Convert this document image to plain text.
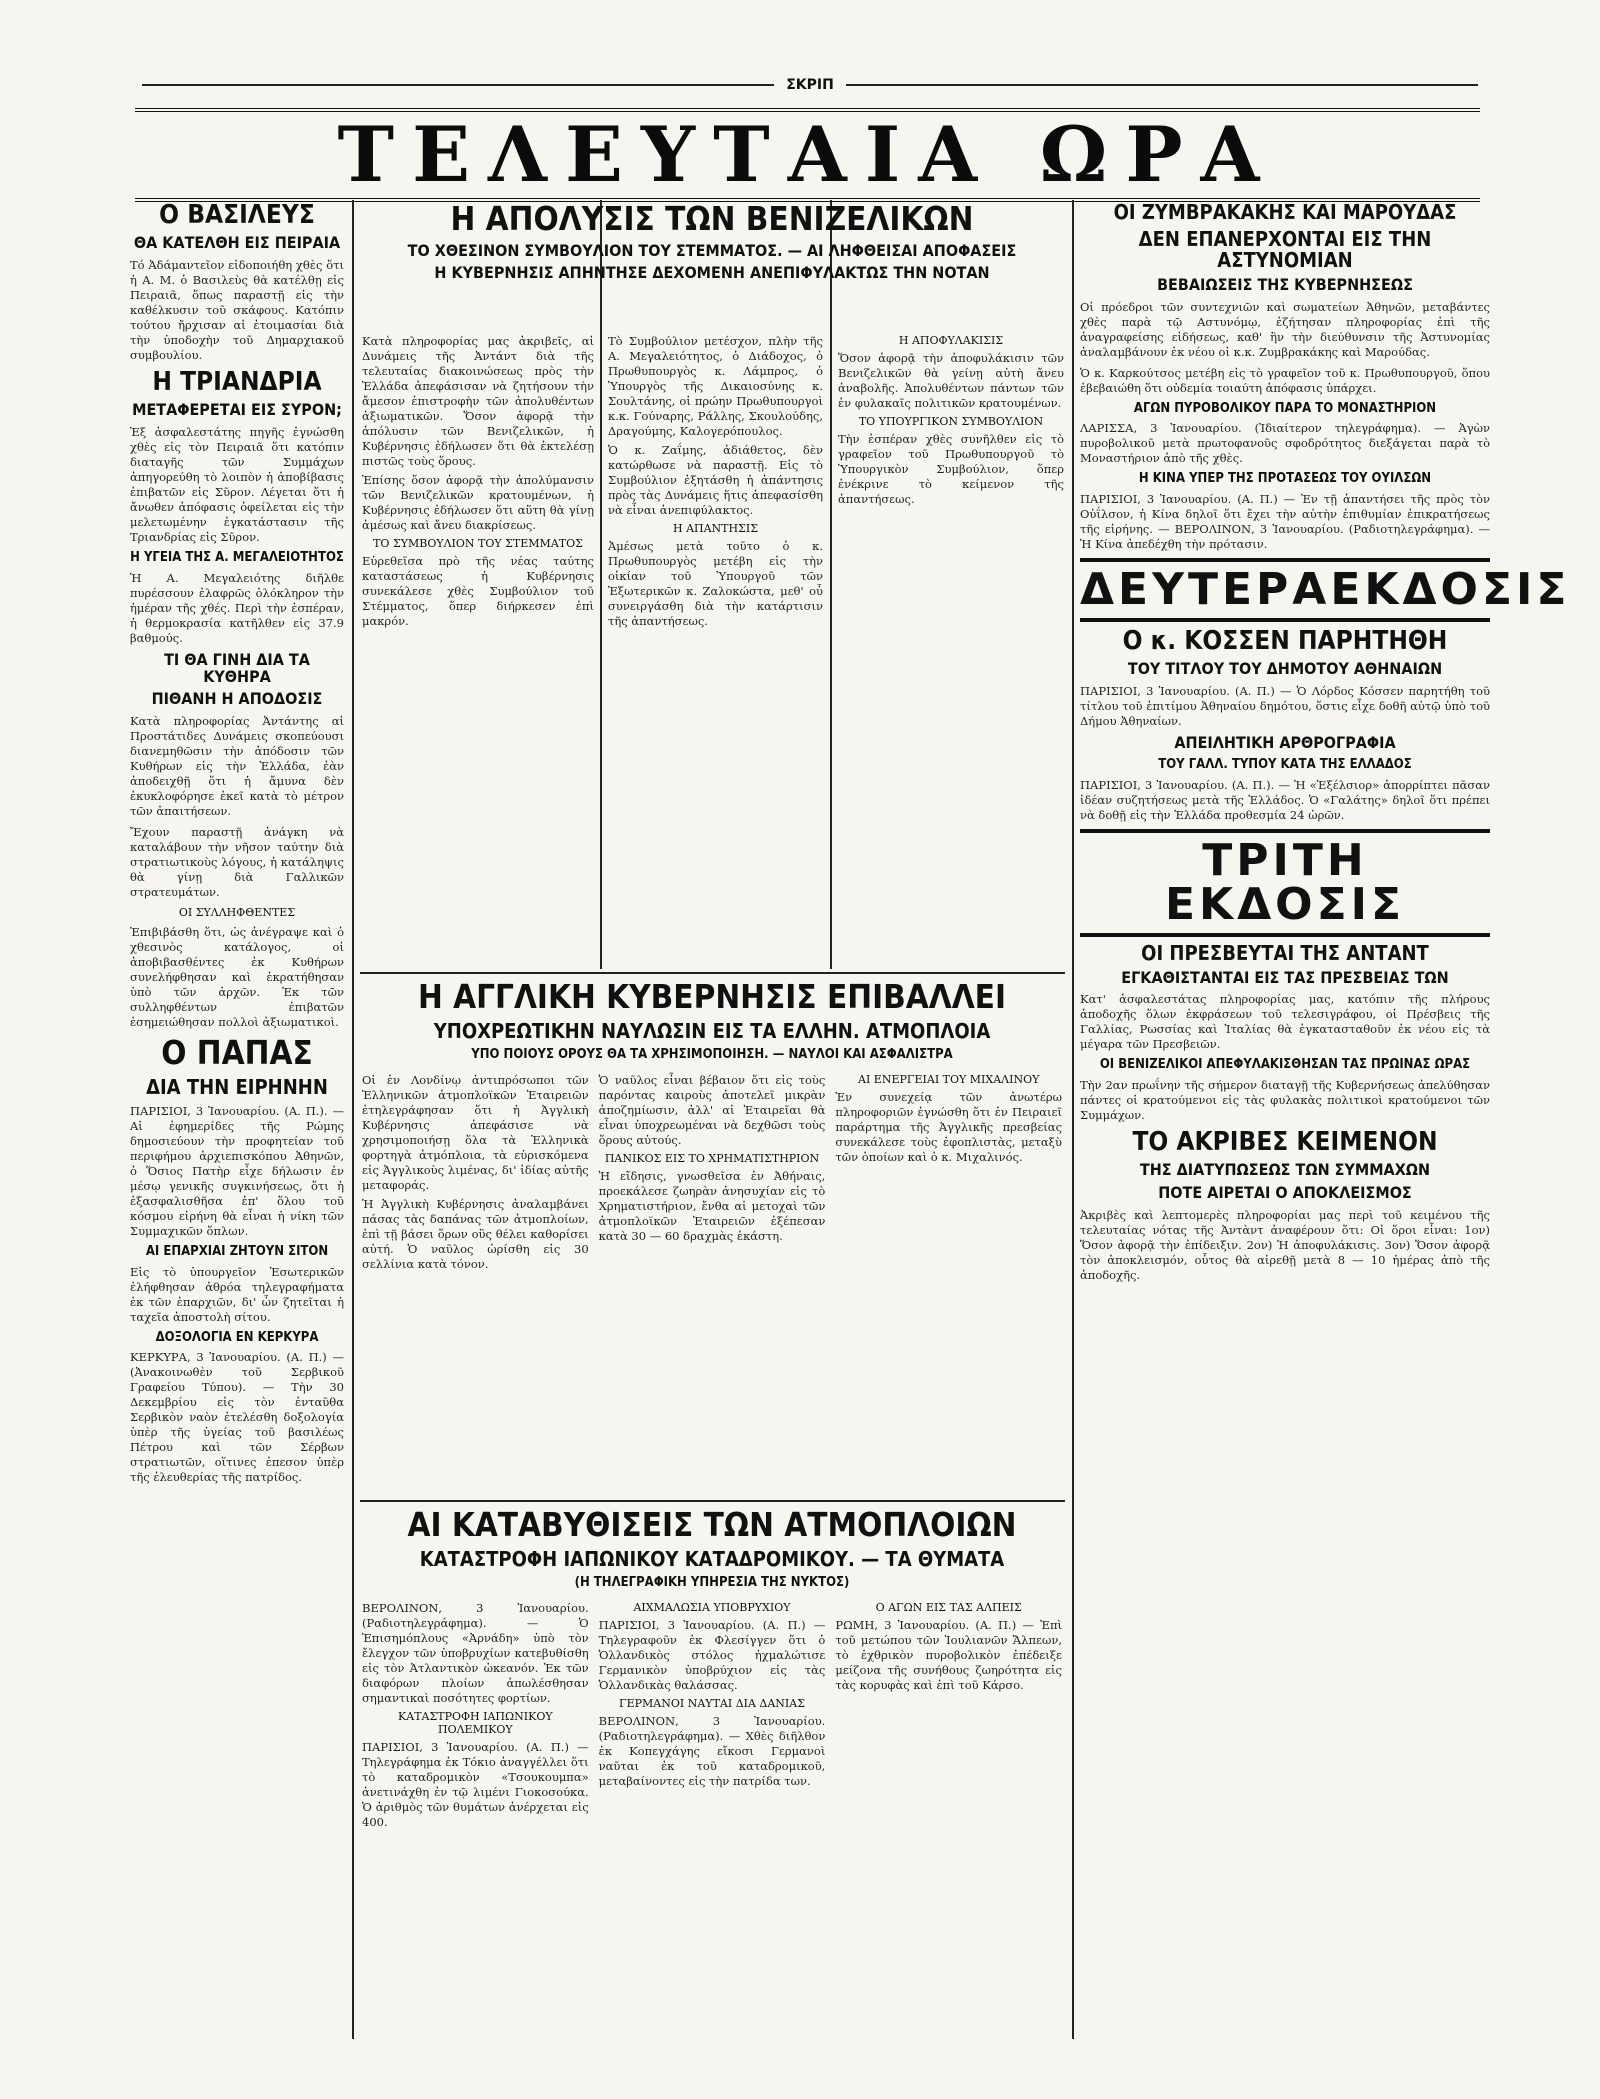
ΣΚΡΙΠ
ΤΕΛΕΥΤΑΙΑ ΩΡΑ

Ο ΒΑΣΙΛΕΥΣ

ΘΑ ΚΑΤΕΛΘΗ ΕΙΣ ΠΕΙΡΑΙΑ

Τό Ἀδάμαντεῖον εἰδοποιήθη χθὲς ὅτι ἡ Α. Μ. ὁ Βασιλεὺς θὰ κατέλθῃ εἰς Πειραιᾶ, ὅπως παραστῇ εἰς τὴν καθέλκυσιν τοῦ σκάφους. Κατόπιν τούτου ἤρχισαν αἱ ἑτοιμασίαι διὰ τὴν ὑποδοχὴν τοῦ Δημαρχιακοῦ συμβουλίου.

Η ΤΡΙΑΝΔΡΙΑ

ΜΕΤΑΦΕΡΕΤΑΙ ΕΙΣ ΣΥΡΟΝ;

Ἐξ ἀσφαλεστάτης πηγῆς ἐγνώσθη χθὲς εἰς τὸν Πειραιᾶ ὅτι κατόπιν διαταγῆς τῶν Συμμάχων ἀπηγορεύθη τὸ λοιπὸν ἡ ἀποβίβασις ἐπιβατῶν εἰς Σῦρον. Λέγεται ὅτι ἡ ἄνωθεν ἀπόφασις ὀφείλεται εἰς τὴν μελετωμένην ἐγκατάστασιν τῆς Τριανδρίας εἰς Σῦρον.

Η ΥΓΕΙΑ ΤΗΣ Α. ΜΕΓΑΛΕΙΟΤΗΤΟΣ

Ἡ Α. Μεγαλειότης διῆλθε πυρέσσουν ἐλαφρῶς ὁλόκληρον τὴν ἡμέραν τῆς χθές. Περὶ τὴν ἑσπέραν, ἡ θερμοκρασία κατῆλθεν εἰς 37.9 βαθμούς.

ΤΙ ΘΑ ΓΙΝΗ ΔΙΑ ΤΑ ΚΥΘΗΡΑ

ΠΙΘΑΝΗ Η ΑΠΟΔΟΣΙΣ

Κατὰ πληροφορίας Ἀντάντης αἱ Προστάτιδες Δυνάμεις σκοπεύουσι διανεμηθῶσιν τὴν ἀπόδοσιν τῶν Κυθήρων εἰς τὴν Ἑλλάδα, ἐὰν ἀποδειχθῇ ὅτι ἡ ἄμυνα δὲν ἐκυκλοφόρησε ἐκεῖ κατὰ τὸ μέτρον τῶν ἀπαιτήσεων.

Ἔχουν παραστῇ ἀνάγκη νὰ καταλάβουν τὴν νῆσον ταύτην διὰ στρατιωτικοὺς λόγους, ἡ κατάληψις θὰ γίνῃ διὰ Γαλλικῶν στρατευμάτων.

ΟΙ ΣΥΛΛΗΦΘΕΝΤΕΣ

Ἐπιβιβάσθη ὅτι, ὡς ἀνέγραψε καὶ ὁ χθεσινὸς κατάλογος, οἱ ἀποβιβασθέντες ἐκ Κυθήρων συνελήφθησαν καὶ ἐκρατήθησαν ὑπὸ τῶν ἀρχῶν. Ἐκ τῶν συλληφθέντων ἐπιβατῶν ἐσημειώθησαν πολλοὶ ἀξιωματικοὶ.

Ο ΠΑΠΑΣ

ΔΙΑ ΤΗΝ ΕΙΡΗΝΗΝ

ΠΑΡΙΣΙΟΙ, 3 Ἰανουαρίου. (Α. Π.). — Αἱ ἐφημερίδες τῆς Ρώμης δημοσιεύουν τὴν προφητείαν τοῦ περιφήμου ἀρχιεπισκόπου Ἀθηνῶν, ὁ Ὅσιος Πατὴρ εἶχε δήλωσιν ἐν μέσῳ γενικῆς συγκινήσεως, ὅτι ἡ ἐξασφαλισθῆσα ἐπ' ὅλου τοῦ κόσμου εἰρήνη θὰ εἶναι ἡ νίκη τῶν Συμμαχικῶν ὅπλων.

ΑΙ ΕΠΑΡΧΙΑΙ ΖΗΤΟΥΝ ΣΙΤΟΝ

Εἰς τὸ ὑπουργεῖον Ἐσωτερικῶν ἐλήφθησαν ἀθρόα τηλεγραφήματα ἐκ τῶν ἐπαρχιῶν, δι' ὧν ζητεῖται ἡ ταχεῖα ἀποστολὴ σίτου.

ΔΟΞΟΛΟΓΙΑ ΕΝ ΚΕΡΚΥΡΑ

ΚΕΡΚΥΡΑ, 3 Ἰανουαρίου. (Α. Π.) — (Ἀνακοινωθὲν τοῦ Σερβικοῦ Γραφείου Τύπου). — Τὴν 30 Δεκεμβρίου εἰς τὸν ἐνταῦθα Σερβικὸν ναὸν ἐτελέσθη δοξολογία ὑπὲρ τῆς ὑγείας τοῦ βασιλέως Πέτρου καὶ τῶν Σέρβων στρατιωτῶν, οἵτινες ἐπεσον ὑπὲρ τῆς ἐλευθερίας τῆς πατρίδος.

Η ΑΠΟΛΥΣΙΣ ΤΩΝ ΒΕΝΙΖΕΛΙΚΩΝ

ΤΟ ΧΘΕΣΙΝΟΝ ΣΥΜΒΟΥΛΙΟΝ ΤΟΥ ΣΤΕΜΜΑΤΟΣ. — ΑΙ ΛΗΦΘΕΙΣΑΙ ΑΠΟΦΑΣΕΙΣ

Η ΚΥΒΕΡΝΗΣΙΣ ΑΠΗΝΤΗΣΕ ΔΕΧΟΜΕΝΗ ΑΝΕΠΙΦΥΛΑΚΤΩΣ ΤΗΝ ΝΟΤΑΝ

Κατὰ πληροφορίας μας ἀκριβεῖς, αἱ Δυνάμεις τῆς Ἀντάντ διὰ τῆς τελευταίας διακοινώσεως πρὸς τὴν Ἑλλάδα ἀπεφάσισαν νὰ ζητήσουν τὴν ἄμεσον ἐπιστροφὴν τῶν ἀπολυθέντων ἀξιωματικῶν. Ὅσον ἀφορᾷ τὴν ἀπόλυσιν τῶν Βενιζελικῶν, ἡ Κυβέρνησις ἐδήλωσεν ὅτι θὰ ἐκτελέσῃ πιστῶς τοὺς ὅρους.

Ἐπίσης ὅσον ἀφορᾷ τὴν ἀπολύμανσιν τῶν Βενιζελικῶν κρατουμένων, ἡ Κυβέρνησις ἐδήλωσεν ὅτι αὕτη θὰ γίνῃ ἀμέσως καὶ ἄνευ διακρίσεως.

ΤΟ ΣΥΜΒΟΥΛΙΟΝ ΤΟΥ ΣΤΕΜΜΑΤΟΣ

Εὑρεθεῖσα πρὸ τῆς νέας ταύτης καταστάσεως ἡ Κυβέρνησις συνεκάλεσε χθὲς Συμβούλιον τοῦ Στέμματος, ὅπερ διήρκεσεν ἐπὶ μακρόν.

Τὸ Συμβούλιον μετέσχον, πλὴν τῆς Α. Μεγαλειότητος, ὁ Διάδοχος, ὁ Πρωθυπουργὸς κ. Λάμπρος, ὁ Ὑπουργὸς τῆς Δικαιοσύνης κ. Σουλτάνης, οἱ πρώην Πρωθυπουργοὶ κ.κ. Γούναρης, Ράλλης, Σκουλούδης, Δραγούμης, Καλογερόπουλος.

Ὁ κ. Ζαΐμης, ἀδιάθετος, δὲν κατώρθωσε νὰ παραστῇ. Εἰς τὸ Συμβούλιον ἐξητάσθη ἡ ἀπάντησις πρὸς τὰς Δυνάμεις ἥτις ἀπεφασίσθη νὰ εἶναι ἀνεπιφύλακτος.

Η ΑΠΑΝΤΗΣΙΣ

Ἀμέσως μετὰ τοῦτο ὁ κ. Πρωθυπουργὸς μετέβη εἰς τὴν οἰκίαν τοῦ Ὑπουργοῦ τῶν Ἐξωτερικῶν κ. Ζαλοκώστα, μεθ' οὗ συνειργάσθη διὰ τὴν κατάρτισιν τῆς ἀπαντήσεως.

Η ΑΠΟΦΥΛΑΚΙΣΙΣ

Ὅσον ἀφορᾷ τὴν ἀποφυλάκισιν τῶν Βενιζελικῶν θὰ γείνῃ αὐτὴ ἄνευ ἀναβολῆς. Ἀπολυθέντων πάντων τῶν ἐν φυλακαῖς πολιτικῶν κρατουμένων.

ΤΟ ΥΠΟΥΡΓΙΚΟΝ ΣΥΜΒΟΥΛΙΟΝ

Τὴν ἑσπέραν χθὲς συνῆλθεν εἰς τὸ γραφεῖον τοῦ Πρωθυπουργοῦ τὸ Ὑπουργικὸν Συμβούλιον, ὅπερ ἐνέκρινε τὸ κείμενον τῆς ἀπαντήσεως.

Η ΑΓΓΛΙΚΗ ΚΥΒΕΡΝΗΣΙΣ ΕΠΙΒΑΛΛΕΙ

ΥΠΟΧΡΕΩΤΙΚΗΝ ΝΑΥΛΩΣΙΝ ΕΙΣ ΤΑ ΕΛΛΗΝ. ΑΤΜΟΠΛΟΙΑ

ΥΠΟ ΠΟΙΟΥΣ ΟΡΟΥΣ ΘΑ ΤΑ ΧΡΗΣΙΜΟΠΟΙΗΣΗ. — ΝΑΥΛΟΙ ΚΑΙ ΑΣΦΑΛΙΣΤΡΑ

Οἱ ἐν Λονδίνῳ ἀντιπρόσωποι τῶν Ἑλληνικῶν ἀτμοπλοϊκῶν Ἑταιρειῶν ἐτηλεγράφησαν ὅτι ἡ Ἀγγλικὴ Κυβέρνησις ἀπεφάσισε νὰ χρησιμοποιήσῃ ὅλα τὰ Ἑλληνικὰ φορτηγὰ ἀτμόπλοια, τὰ εὑρισκόμενα εἰς Ἀγγλικοὺς λιμένας, δι' ἰδίας αὐτῆς μεταφοράς.

Ἡ Ἀγγλικὴ Κυβέρνησις ἀναλαμβάνει πάσας τὰς δαπάνας τῶν ἀτμοπλοίων, ἐπὶ τῇ βάσει ὅρων οὓς θέλει καθορίσει αὐτή. Ὁ ναῦλος ὡρίσθη εἰς 30 σελλίνια κατὰ τόνον.

Ὁ ναῦλος εἶναι βέβαιον ὅτι εἰς τοὺς παρόντας καιροὺς ἀποτελεῖ μικρὰν ἀποζημίωσιν, ἀλλ' αἱ Ἑταιρεῖαι θὰ εἶναι ὑποχρεωμέναι νὰ δεχθῶσι τοὺς ὅρους αὐτούς.

ΠΑΝΙΚΟΣ ΕΙΣ ΤΟ ΧΡΗΜΑΤΙΣΤΗΡΙΟΝ

Ἡ εἴδησις, γνωσθεῖσα ἐν Ἀθήναις, προεκάλεσε ζωηρὰν ἀνησυχίαν εἰς τὸ Χρηματιστήριον, ἔνθα αἱ μετοχαὶ τῶν ἀτμοπλοϊκῶν Ἑταιρειῶν ἐξέπεσαν κατὰ 30 — 60 δραχμὰς ἑκάστη.

ΑΙ ΕΝΕΡΓΕΙΑΙ ΤΟΥ ΜΙΧΑΛΙΝΟΥ

Ἐν συνεχείᾳ τῶν ἀνωτέρω πληροφοριῶν ἐγνώσθη ὅτι ἐν Πειραιεῖ παράρτημα τῆς Ἀγγλικῆς πρεσβείας συνεκάλεσε τοὺς ἐφοπλιστὰς, μεταξὺ τῶν ὁποίων καὶ ὁ κ. Μιχαλινός.

ΑΙ ΚΑΤΑΒΥΘΙΣΕΙΣ ΤΩΝ ΑΤΜΟΠΛΟΙΩΝ

ΚΑΤΑΣΤΡΟΦΗ ΙΑΠΩΝΙΚΟΥ ΚΑΤΑΔΡΟΜΙΚΟΥ. — ΤΑ ΘΥΜΑΤΑ

(Η ΤΗΛΕΓΡΑΦΙΚΗ ΥΠΗΡΕΣΙΑ ΤΗΣ ΝΥΚΤΟΣ)

ΒΕΡΟΛΙΝΟΝ, 3 Ἰανουαρίου. (Ραδιοτηλεγράφημα). — Ὁ Ἐπισημόπλους «Ἀρνάδη» ὑπὸ τὸν ἔλεγχον τῶν ὑποβρυχίων κατεβυθίσθη εἰς τὸν Ἀτλαντικὸν ὠκεανόν. Ἐκ τῶν διαφόρων πλοίων ἀπωλέσθησαν σημαντικαὶ ποσότητες φορτίων.

ΚΑΤΑΣΤΡΟΦΗ ΙΑΠΩΝΙΚΟΥ ΠΟΛΕΜΙΚΟΥ

ΠΑΡΙΣΙΟΙ, 3 Ἰανουαρίου. (Α. Π.) — Τηλεγράφημα ἐκ Τόκιο ἀναγγέλλει ὅτι τὸ καταδρομικὸν «Τσουκουμπα» ἀνετινάχθη ἐν τῷ λιμένι Γιοκοσούκα. Ὁ ἀριθμὸς τῶν θυμάτων ἀνέρχεται εἰς 400.

ΑΙΧΜΑΛΩΣΙΑ ΥΠΟΒΡΥΧΙΟΥ

ΠΑΡΙΣΙΟΙ, 3 Ἰανουαρίου. (Α. Π.) — Τηλεγραφοῦν ἐκ Φλεσίγγεν ὅτι ὁ Ὁλλανδικὸς στόλος ἠχμαλώτισε Γερμανικὸν ὑποβρύχιον εἰς τὰς Ὁλλανδικὰς θαλάσσας.

ΓΕΡΜΑΝΟΙ ΝΑΥΤΑΙ ΔΙΑ ΔΑΝΙΑΣ

ΒΕΡΟΛΙΝΟΝ, 3 Ἰανουαρίου. (Ραδιοτηλεγράφημα). — Χθὲς διῆλθον ἐκ Κοπεγχάγης εἴκοσι Γερμανοὶ ναῦται ἐκ τοῦ καταδρομικοῦ, μεταβαίνοντες εἰς τὴν πατρίδα των.

Ο ΑΓΩΝ ΕΙΣ ΤΑΣ ΑΛΠΕΙΣ

ΡΩΜΗ, 3 Ἰανουαρίου. (Α. Π.) — Ἐπὶ τοῦ μετώπου τῶν Ἰουλιανῶν Ἄλπεων, τὸ ἐχθρικὸν πυροβολικὸν ἐπέδειξε μείζονα τῆς συνήθους ζωηρότητα εἰς τὰς κορυφὰς καὶ ἐπὶ τοῦ Κάρσο.

ΟΙ ΖΥΜΒΡΑΚΑΚΗΣ ΚΑΙ ΜΑΡΟΥΔΑΣ

ΔΕΝ ΕΠΑΝΕΡΧΟΝΤΑΙ ΕΙΣ ΤΗΝ ΑΣΤΥΝΟΜΙΑΝ

ΒΕΒΑΙΩΣΕΙΣ ΤΗΣ ΚΥΒΕΡΝΗΣΕΩΣ

Οἱ πρόεδροι τῶν συντεχνιῶν καὶ σωματείων Ἀθηνῶν, μεταβάντες χθὲς παρὰ τῷ Αστυνόμῳ, ἐζήτησαν πληροφορίας ἐπὶ τῆς ἀναγραφείσης εἰδήσεως, καθ' ἣν τὴν διεύθυνσιν τῆς Ἀστυνομίας ἀναλαμβάνουν ἐκ νέου οἱ κ.κ. Ζυμβρακάκης καὶ Μαρούδας.

Ὁ κ. Καρκούτσος μετέβη εἰς τὸ γραφεῖον τοῦ κ. Πρωθυπουργοῦ, ὅπου ἐβεβαιώθη ὅτι οὐδεμία τοιαύτη ἀπόφασις ὑπάρχει.

ΑΓΩΝ ΠΥΡΟΒΟΛΙΚΟΥ ΠΑΡΑ ΤΟ ΜΟΝΑΣΤΗΡΙΟΝ

ΛΑΡΙΣΣΑ, 3 Ἰανουαρίου. (Ἰδιαίτερον τηλεγράφημα). — Ἀγὼν πυροβολικοῦ μετὰ πρωτοφανοῦς σφοδρότητος διεξάγεται παρὰ τὸ Μοναστήριον ἀπὸ τῆς χθὲς.

Η ΚΙΝΑ ΥΠΕΡ ΤΗΣ ΠΡΟΤΑΣΕΩΣ ΤΟΥ ΟΥΙΛΣΩΝ

ΠΑΡΙΣΙΟΙ, 3 Ἰανουαρίου. (Α. Π.) — Ἐν τῇ ἀπαντήσει τῆς πρὸς τὸν Οὐΐλσον, ἡ Κίνα δηλοῖ ὅτι ἔχει τὴν αὐτὴν ἐπιθυμίαν ἐπικρατήσεως τῆς εἰρήνης. — ΒΕΡΟΛΙΝΟΝ, 3 Ἰανουαρίου. (Ραδιοτηλεγράφημα). — Ἡ Κίνα ἀπεδέχθη τὴν πρότασιν.

ΔΕΥΤΕΡΑΕΚΔΟΣΙΣ

Ο κ. ΚΟΣΣΕΝ ΠΑΡΗΤΗΘΗ

ΤΟΥ ΤΙΤΛΟΥ ΤΟΥ ΔΗΜΟΤΟΥ ΑΘΗΝΑΙΩΝ

ΠΑΡΙΣΙΟΙ, 3 Ἰανουαρίου. (Α. Π.) — Ὁ Λόρδος Κόσσεν παρητήθη τοῦ τίτλου τοῦ ἐπιτίμου Ἀθηναίου δημότου, ὅστις εἶχε δοθῆ αὐτῷ ὑπὸ τοῦ Δήμου Ἀθηναίων.

ΑΠΕΙΛΗΤΙΚΗ ΑΡΘΡΟΓΡΑΦΙΑ

ΤΟΥ ΓΑΛΛ. ΤΥΠΟΥ ΚΑΤΑ ΤΗΣ ΕΛΛΑΔΟΣ

ΠΑΡΙΣΙΟΙ, 3 Ἰανουαρίου. (Α. Π.). — Ἡ «Ἐξέλσιορ» ἀπορρίπτει πᾶσαν ἰδέαν συζητήσεως μετὰ τῆς Ἑλλάδος. Ὁ «Γαλάτης» δηλοῖ ὅτι πρέπει νὰ δοθῇ εἰς τὴν Ἑλλάδα προθεσμία 24 ὡρῶν.

ΤΡΙΤΗ ΕΚΔΟΣΙΣ

ΟΙ ΠΡΕΣΒΕΥΤΑΙ ΤΗΣ ΑΝΤΑΝΤ

ΕΓΚΑΘΙΣΤΑΝΤΑΙ ΕΙΣ ΤΑΣ ΠΡΕΣΒΕΙΑΣ ΤΩΝ

Κατ' ἀσφαλεστάτας πληροφορίας μας, κατόπιν τῆς πλήρους ἀποδοχῆς ὅλων ἐκφράσεων τοῦ τελεσιγράφου, οἱ Πρέσβεις τῆς Γαλλίας, Ρωσσίας καὶ Ἰταλίας θὰ ἐγκατασταθοῦν ἐκ νέου εἰς τὰ μέγαρα τῶν Πρεσβειῶν.

ΟΙ ΒΕΝΙΖΕΛΙΚΟΙ ΑΠΕΦΥΛΑΚΙΣΘΗΣΑΝ ΤΑΣ ΠΡΩΙΝΑΣ ΩΡΑΣ

Τὴν 2αν πρωΐνην τῆς σήμερον διαταγῇ τῆς Κυβερνήσεως ἀπελύθησαν πάντες οἱ κρατούμενοι εἰς τὰς φυλακὰς πολιτικοὶ κρατούμενοι τῶν Συμμάχων.

ΤΟ ΑΚΡΙΒΕΣ ΚΕΙΜΕΝΟΝ

ΤΗΣ ΔΙΑΤΥΠΩΣΕΩΣ ΤΩΝ ΣΥΜΜΑΧΩΝ

ΠΟΤΕ ΑΙΡΕΤΑΙ Ο ΑΠΟΚΛΕΙΣΜΟΣ

Ἀκριβὲς καὶ λεπτομερὲς πληροφορίαι μας περὶ τοῦ κειμένου τῆς τελευταίας νότας τῆς Ἀντὰντ ἀναφέρουν ὅτι: Οἱ ὅροι εἶναι: 1ον) Ὅσον ἀφορᾷ τὴν ἐπίδειξιν. 2ον) Ἡ ἀποφυλάκισις. 3ον) Ὅσον ἀφορᾷ τὸν ἀποκλεισμόν, οὗτος θὰ αἰρεθῇ μετὰ 8 — 10 ἡμέρας ἀπὸ τῆς ἀποδοχῆς.
